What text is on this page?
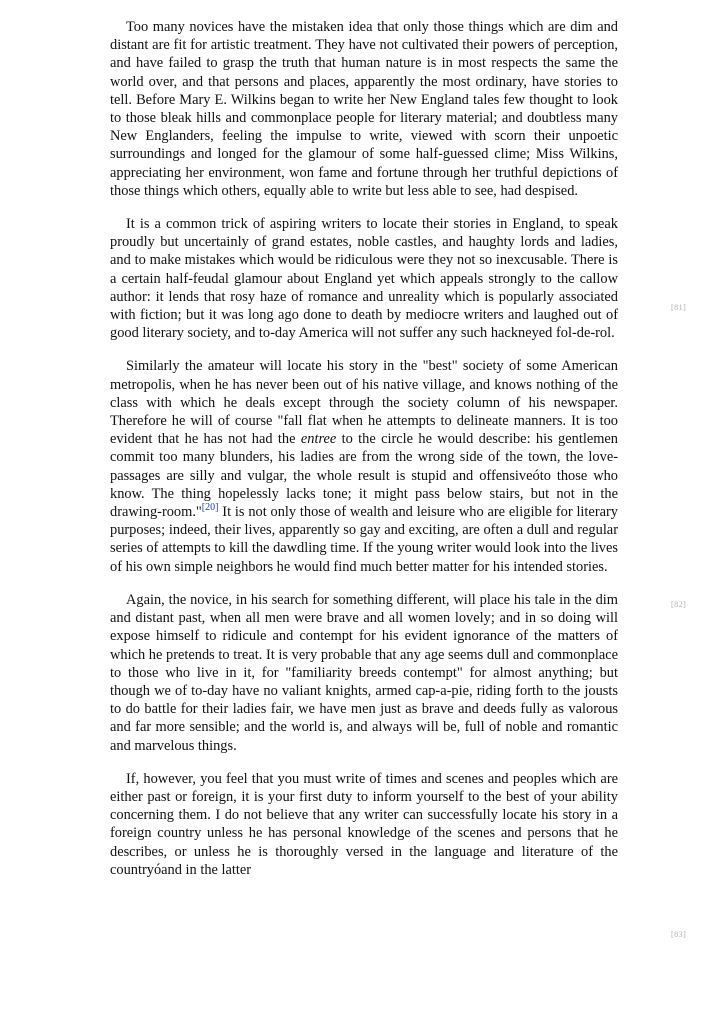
Too many novices have the mistaken idea that only those things which are dim and distant are fit for artistic treatment. They have not cultivated their powers of perception, and have failed to grasp the truth that human nature is in most respects the same the world over, and that persons and places, apparently the most ordinary, have stories to tell. Before Mary E. Wilkins began to write her New England tales few thought to look to those bleak hills and commonplace people for literary material; and doubtless many New Englanders, feeling the impulse to write, viewed with scorn their unpoetic surroundings and longed for the glamour of some half-guessed clime; Miss Wilkins, appreciating her environment, won fame and fortune through her truthful depictions of those things which others, equally able to write but less able to see, had despised.

It is a common trick of aspiring writers to locate their stories in England, to speak proudly but uncertainly of grand estates, noble castles, and haughty lords and ladies, and to make mistakes which would be ridiculous were they not so inexcusable. There is a certain half-feudal glamour about England yet which appeals strongly to the callow author: it lends that rosy haze of romance and unreality which is popularly associated with fiction; but it was long ago done to death by mediocre writers and laughed out of good literary society, and to-day America will not suffer any such hackneyed fol-de-rol.

Similarly the amateur will locate his story in the "best" society of some American metropolis, when he has never been out of his native village, and knows nothing of the class with which he deals except through the society column of his newspaper. Therefore he will of course "fall flat when he attempts to delineate manners. It is too evident that he has not had the entree to the circle he would describe: his gentlemen commit too many blunders, his ladies are from the wrong side of the town, the love-passages are silly and vulgar, the whole result is stupid and offensiveóto those who know. The thing hopelessly lacks tone; it might pass below stairs, but not in the drawing-room."[20] It is not only those of wealth and leisure who are eligible for literary purposes; indeed, their lives, apparently so gay and exciting, are often a dull and regular series of attempts to kill the dawdling time. If the young writer would look into the lives of his own simple neighbors he would find much better matter for his intended stories.

Again, the novice, in his search for something different, will place his tale in the dim and distant past, when all men were brave and all women lovely; and in so doing will expose himself to ridicule and contempt for his evident ignorance of the matters of which he pretends to treat. It is very probable that any age seems dull and commonplace to those who live in it, for "familiarity breeds contempt" for almost anything; but though we of to-day have no valiant knights, armed cap-a-pie, riding forth to the jousts to do battle for their ladies fair, we have men just as brave and deeds fully as valorous and far more sensible; and the world is, and always will be, full of noble and romantic and marvelous things.

If, however, you feel that you must write of times and scenes and peoples which are either past or foreign, it is your first duty to inform yourself to the best of your ability concerning them. I do not believe that any writer can successfully locate his story in a foreign country unless he has personal knowledge of the scenes and persons that he describes, or unless he is thoroughly versed in the language and literature of the countryóand in the latter

[81]
[82]
[83]
